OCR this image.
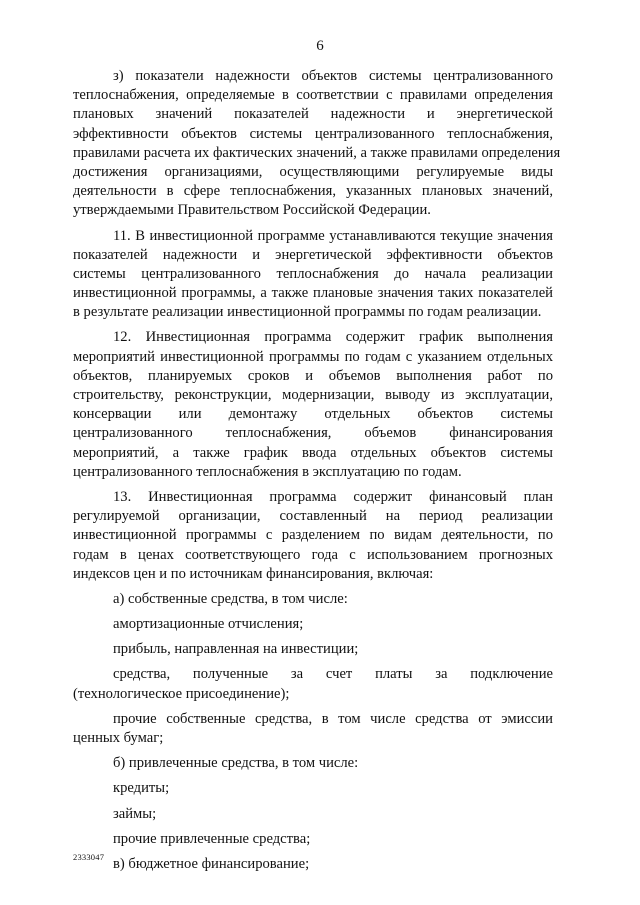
6
з) показатели надежности объектов системы централизованного
теплоснабжения, определяемые в соответствии с правилами определения
плановых значений показателей надежности и энергетической
эффективности объектов системы централизованного теплоснабжения,
правилами расчета их фактических значений, а также правилами определения
достижения организациями, осуществляющими регулируемые виды
деятельности в сфере теплоснабжения, указанных плановых значений,
утверждаемыми Правительством Российской Федерации.
11. В инвестиционной программе устанавливаются текущие значения
показателей надежности и энергетической эффективности объектов
системы централизованного теплоснабжения до начала реализации
инвестиционной программы, а также плановые значения таких показателей
в результате реализации инвестиционной программы по годам реализации.
12. Инвестиционная программа содержит график выполнения
мероприятий инвестиционной программы по годам с указанием отдельных
объектов, планируемых сроков и объемов выполнения работ по
строительству, реконструкции, модернизации, выводу из эксплуатации,
консервации или демонтажу отдельных объектов системы
централизованного теплоснабжения, объемов финансирования
мероприятий, а также график ввода отдельных объектов системы
централизованного теплоснабжения в эксплуатацию по годам.
13. Инвестиционная программа содержит финансовый план
регулируемой организации, составленный на период реализации
инвестиционной программы с разделением по видам деятельности, по
годам в ценах соответствующего года с использованием прогнозных
индексов цен и по источникам финансирования, включая:
а) собственные средства, в том числе:
амортизационные отчисления;
прибыль, направленная на инвестиции;
средства, полученные за счет платы за подключение
(технологическое присоединение);
прочие собственные средства, в том числе средства от эмиссии
ценных бумаг;
б) привлеченные средства, в том числе:
кредиты;
займы;
прочие привлеченные средства;
в) бюджетное финансирование;
2333047
